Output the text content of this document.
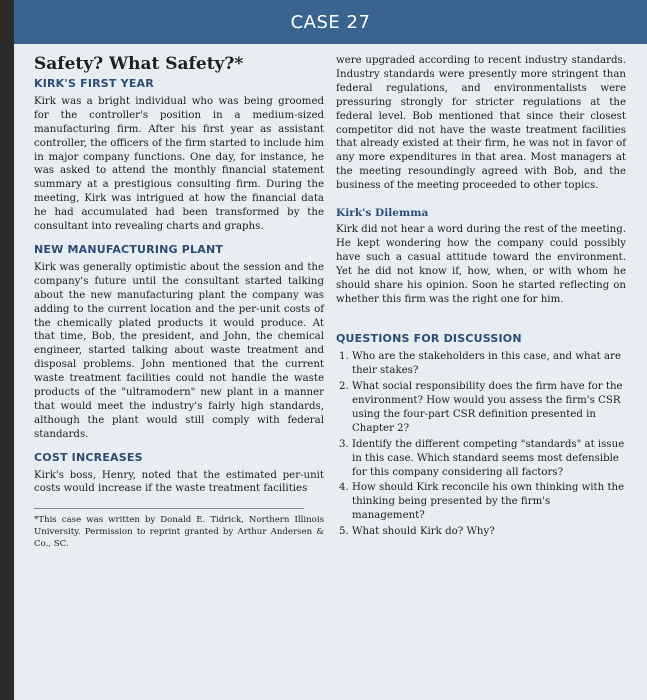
CASE 27
Safety? What Safety?*
KIRK'S FIRST YEAR

Kirk was a bright individual who was being groomed for the controller's position in a medium-sized manufacturing firm. After his first year as assistant controller, the officers of the firm started to include him in major company functions. One day, for instance, he was asked to attend the monthly financial statement summary at a prestigious consulting firm. During the meeting, Kirk was intrigued at how the financial data he had accumulated had been transformed by the consultant into revealing charts and graphs.

NEW MANUFACTURING PLANT

Kirk was generally optimistic about the session and the company's future until the consultant started talking about the new manufacturing plant the company was adding to the current location and the per-unit costs of the chemically plated products it would produce. At that time, Bob, the president, and John, the chemical engineer, started talking about waste treatment and disposal problems. John mentioned that the current waste treatment facilities could not handle the waste products of the "ultramodern" new plant in a manner that would meet the industry's fairly high standards, although the plant would still comply with federal standards.

COST INCREASES

Kirk's boss, Henry, noted that the estimated per-unit costs would increase if the waste treatment facilities

*This case was written by Donald E. Tidrick, Northern Illinois University. Permission to reprint granted by Arthur Andersen & Co., SC.

were upgraded according to recent industry standards. Industry standards were presently more stringent than federal regulations, and environmentalists were pressuring strongly for stricter regulations at the federal level. Bob mentioned that since their closest competitor did not have the waste treatment facilities that already existed at their firm, he was not in favor of any more expenditures in that area. Most managers at the meeting resoundingly agreed with Bob, and the business of the meeting proceeded to other topics.

Kirk's Dilemma

Kirk did not hear a word during the rest of the meeting. He kept wondering how the company could possibly have such a casual attitude toward the environment. Yet he did not know if, how, when, or with whom he should share his opinion. Soon he started reflecting on whether this firm was the right one for him.

QUESTIONS FOR DISCUSSION
1. Who are the stakeholders in this case, and what are their stakes?
2. What social responsibility does the firm have for the environment? How would you assess the firm's CSR using the four-part CSR definition presented in Chapter 2?
3. Identify the different competing "standards" at issue in this case. Which standard seems most defensible for this company considering all factors?
4. How should Kirk reconcile his own thinking with the thinking being presented by the firm's management?
5. What should Kirk do? Why?
